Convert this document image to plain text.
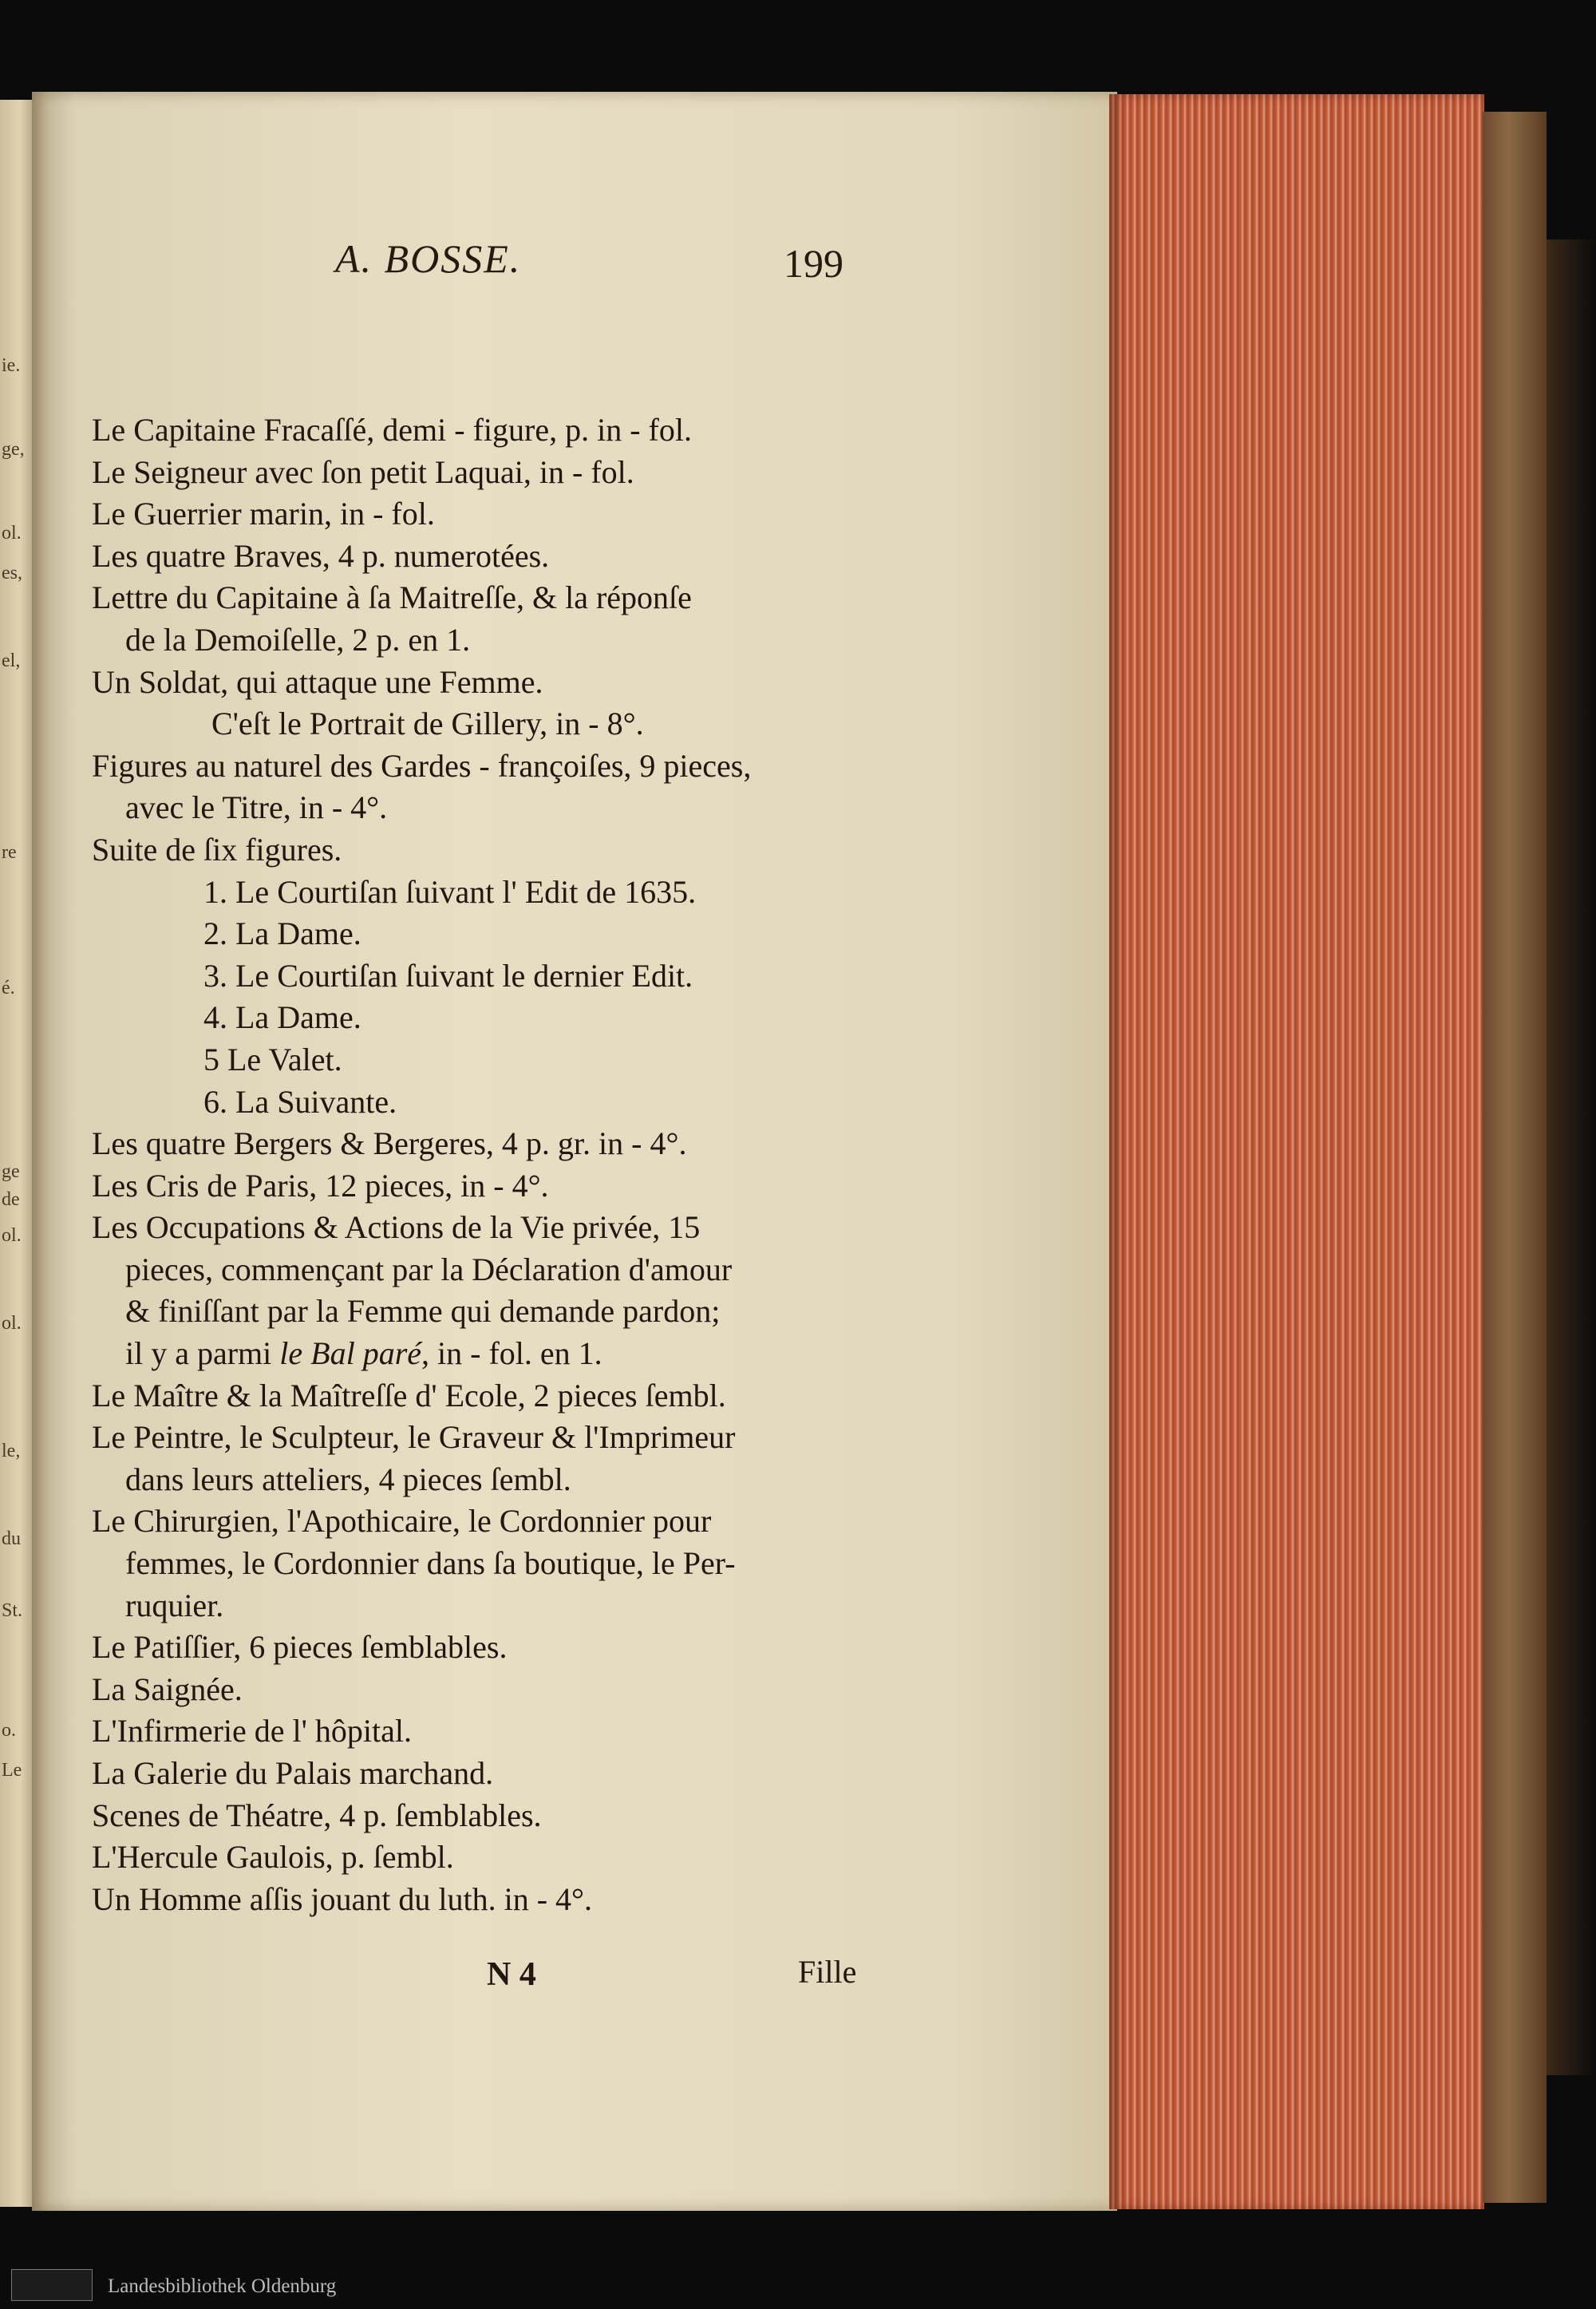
ie.
ge,
ol.
es,
el,
re
é.
ge
de
ol.
ol.
le,
du
St.
o.
Le
A. BOSSE.	199
Le Capitaine Fracaſſé, demi - figure, p. in - fol.
Le Seigneur avec ſon petit Laquai, in - fol.
Le Guerrier marin, in - fol.
Les quatre Braves, 4 p. numerotées.
Lettre du Capitaine à ſa Maitreſſe, & la réponſe
de la Demoiſelle, 2 p. en 1.
Un Soldat, qui attaque une Femme.
C'eſt le Portrait de Gillery, in - 8°.
Figures au naturel des Gardes - françoiſes, 9 pieces,
avec le Titre, in - 4°.
Suite de ſix figures.
1. Le Courtiſan ſuivant l' Edit de 1635.
2. La Dame.
3. Le Courtiſan ſuivant le dernier Edit.
4. La Dame.
5 Le Valet.
6. La Suivante.
Les quatre Bergers & Bergeres, 4 p. gr. in - 4°.
Les Cris de Paris, 12 pieces, in - 4°.
Les Occupations & Actions de la Vie privée, 15
pieces, commençant par la Déclaration d'amour
& finiſſant par la Femme qui demande pardon;
il y a parmi le Bal paré, in - fol. en 1.
Le Maître & la Maîtreſſe d' Ecole, 2 pieces ſembl.
Le Peintre, le Sculpteur, le Graveur & l'Imprimeur
dans leurs atteliers, 4 pieces ſembl.
Le Chirurgien, l'Apothicaire, le Cordonnier pour
femmes, le Cordonnier dans ſa boutique, le Per-
ruquier.
Le Patiſſier, 6 pieces ſemblables.
La Saignée.
L'Infirmerie de l' hôpital.
La Galerie du Palais marchand.
Scenes de Théatre, 4 p. ſemblables.
L'Hercule Gaulois, p. ſembl.
Un Homme aſſis jouant du luth. in - 4°.
N 4	Fille
Landesbibliothek Oldenburg
